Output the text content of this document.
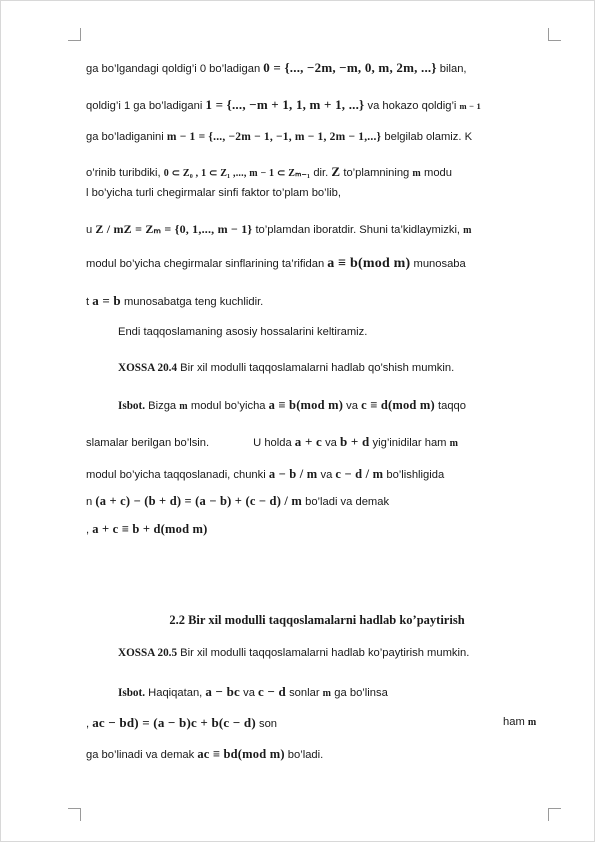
ga bo’lgandagi qoldig’i 0 bo’ladigan 0 = {..., −2m, −m, 0, m, 2m, ...} bilan,
qoldig’i 1 ga bo’ladigani 1 = {..., −m + 1, 1, m + 1, ...} va hokazo qoldig’i m − 1
ga bo’ladiganini m − 1 = {..., −2m − 1, −1, m − 1, 2m − 1,...} belgilab olamiz. K
o’rinib turibdiki, 0 ⊂ Z₀ , 1 ⊂ Z₁ ,..., m − 1 ⊂ Zₘ₋₁ dir. Z to’plamnining m modu
l bo’yicha turli chegirmalar sinfi faktor to’plam bo’lib,
u Z / mZ = Zₘ = {0, 1,..., m − 1} to’plamdan iboratdir. Shuni ta’kidlaymizki, m
modul bo’yicha chegirmalar sinflarining ta’rifidan a ≡ b(mod m) munosaba
t a = b munosabatga teng kuchlidir.
Endi taqqoslamaning asosiy hossalarini keltiramiz.
XOSSA 20.4 Bir xil modulli taqqoslamalarni hadlab qo’shish mumkin.
Isbot. Bizga m modul bo’yicha a ≡ b(mod m) va c ≡ d(mod m) taqqo
slamalar berilgan bo’lsin.	U holda a + c va b + d yig’inidilar ham m
modul bo’yicha taqqoslanadi, chunki a − b / m va c − d / m bo’lishligida
n (a + c) − (b + d) = (a − b) + (c − d) / m bo’ladi va demak
, a + c ≡ b + d(mod m)
2.2 Bir xil modulli taqqoslamalarni hadlab ko’paytirish
XOSSA 20.5 Bir xil modulli taqqoslamalarni hadlab ko’paytirish mumkin.
Isbot. Haqiqatan, a − bc va c − d sonlar m ga bo’linsa
, ac − bd) = (a − b)c + b(c − d) son	ham m
ga bo’linadi va demak ac ≡ bd(mod m) bo’ladi.
